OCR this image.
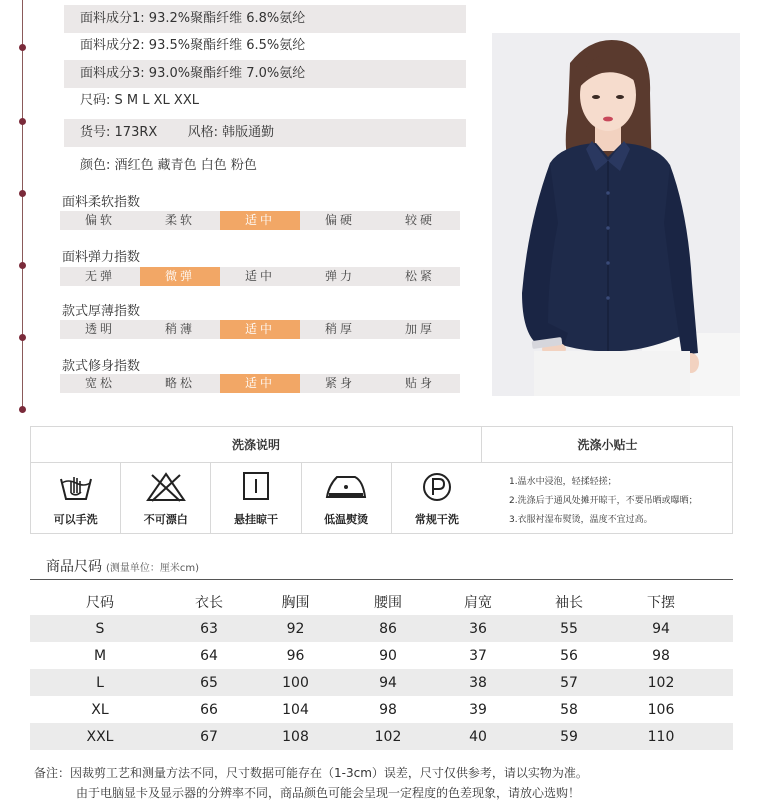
面料成分1: 93.2%聚酯纤维 6.8%氨纶
面料成分2: 93.5%聚酯纤维 6.5%氨纶
面料成分3: 93.0%聚酯纤维 7.0%氨纶
尺码: S M L XL XXL
货号: 173RX 风格: 韩版通勤
颜色: 酒红色 藏青色 白色 粉色
面料柔软指数
偏软	柔软	适中	偏硬	较硬
面料弹力指数
无弹	微弹	适中	弹力	松紧
款式厚薄指数
透明	稍薄	适中	稍厚	加厚
款式修身指数
宽松	略松	适中	紧身	贴身
洗涤说明	洗涤小贴士
可以手洗	不可漂白	悬挂晾干	低温熨烫	常规干洗
1.温水中浸泡，轻揉轻搓；
2.洗涤后于通风处摊开晾干，不要吊晒或曝晒；
3.衣服衬湿布熨烫，温度不宜过高。
商品尺码 (测量单位：厘米cm)
尺码	衣长	胸围	腰围	肩宽	袖长	下摆
S	63	92	86	36	55	94
M	64	96	90	37	56	98
L	65	100	94	38	57	102
XL	66	104	98	39	58	106
XXL	67	108	102	40	59	110
备注：因裁剪工艺和测量方法不同，尺寸数据可能存在（1-3cm）误差，尺寸仅供参考，请以实物为准。
由于电脑显卡及显示器的分辨率不同，商品颜色可能会呈现一定程度的色差现象，请放心选购！
